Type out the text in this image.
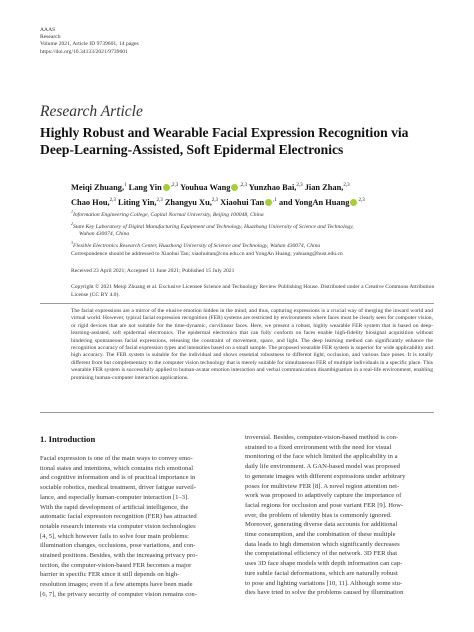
AAAS
Research
Volume 2021, Article ID 9739601, 14 pages
https://doi.org/10.34133/2021/9739601
Research Article
Highly Robust and Wearable Facial Expression Recognition via
Deep-Learning-Assisted, Soft Epidermal Electronics
Meiqi Zhuang,$^1$ Lang Yin $^{,2,3}$ Youhua Wang $^{,2,3}$ Yunzhao Bai,$^{2,3}$ Jian Zhan,$^{2,3}$
Chao Hou,$^{2,3}$ Liting Yin,$^{2,3}$ Zhangyu Xu,$^{2,3}$ Xiaohui Tan $^{,1}$ and YongAn Huang $^{2,3}$
$^1$Information Engineering College, Capital Normal University, Beijing 100048, China
$^2$State Key Laboratory of Digital Manufacturing Equipment and Technology, Huazhong University of Science and Technology,
Wuhan 430074, China
$^3$Flexible Electronics Research Center, Huazhong University of Science and Technology, Wuhan 430074, China
Correspondence should be addressed to Xiaohui Tan; xiaohuitan@cnu.edu.cn and YongAn Huang; yahuang@hust.edu.cn
Received 23 April 2021; Accepted 11 June 2021; Published 15 July 2021
Copyright © 2021 Meiqi Zhuang et al. Exclusive Licensee Science and Technology Review Publishing House. Distributed under a Creative Commons Attribution License (CC BY 4.0).
The facial expressions are a mirror of the elusive emotion hidden in the mind, and thus, capturing expressions is a crucial way of merging the inward world and virtual world. However, typical facial expression recognition (FER) systems are restricted by environments where faces must be clearly seen for computer vision, or rigid devices that are not suitable for the time-dynamic, curvilinear faces. Here, we present a robust, highly wearable FER system that is based on deep-learning-assisted, soft epidermal electronics. The epidermal electronics that can fully conform on faces enable high-fidelity biosignal acquisition without hindering spontaneous facial expressions, releasing the constraint of movement, space, and light. The deep learning method can significantly enhance the recognition accuracy of facial expression types and intensities based on a small sample. The proposed wearable FER system is superior for wide applicability and high accuracy. The FER system is suitable for the individual and shows essential robustness to different light, occlusion, and various face poses. It is totally different from but complementary to the computer vision technology that is merely suitable for simultaneous FER of multiple individuals in a specific place. This wearable FER system is successfully applied to human-avatar emotion interaction and verbal communication disambiguation in a real-life environment, enabling promising human-computer interaction applications.
1. Introduction
Facial expression is one of the main ways to convey emo-
tional states and intentions, which contains rich emotional
and cognitive information and is of practical importance in
sociable robotics, medical treatment, driver fatigue surveil-
lance, and especially human-computer interaction [1–3].
With the rapid development of artificial intelligence, the
automatic facial expression recognition (FER) has attracted
notable research interests via computer vision technologies
[4, 5], which however fails to solve four main problems:
illumination changes, occlusions, pose variations, and con-
strained positions. Besides, with the increasing privacy pro-
tection, the computer-vision-based FER becomes a major
barrier in specific FER since it still depends on high-
resolution images; even if a few attempts have been made
[6, 7], the privacy security of computer vision remains con-
troversial. Besides, computer-vision-based method is con-
strained to a fixed environment with the need for visual
monitoring of the face which limited the applicability in a
daily life environment. A GAN-based model was proposed
to generate images with different expressions under arbitrary
poses for multiview FER [8]. A novel region attention net-
work was proposed to adaptively capture the importance of
facial regions for occlusion and pose variant FER [9]. How-
ever, the problem of identity bias is commonly ignored.
Moreover, generating diverse data accounts for additional
time consumption, and the combination of these multiple
data leads to high dimension which significantly decreases
the computational efficiency of the network. 3D FER that
uses 3D face shape models with depth information can cap-
ture subtle facial deformations, which are naturally robust
to pose and lighting variations [10, 11]. Although some stu-
dies have tried to solve the problems caused by illumination
